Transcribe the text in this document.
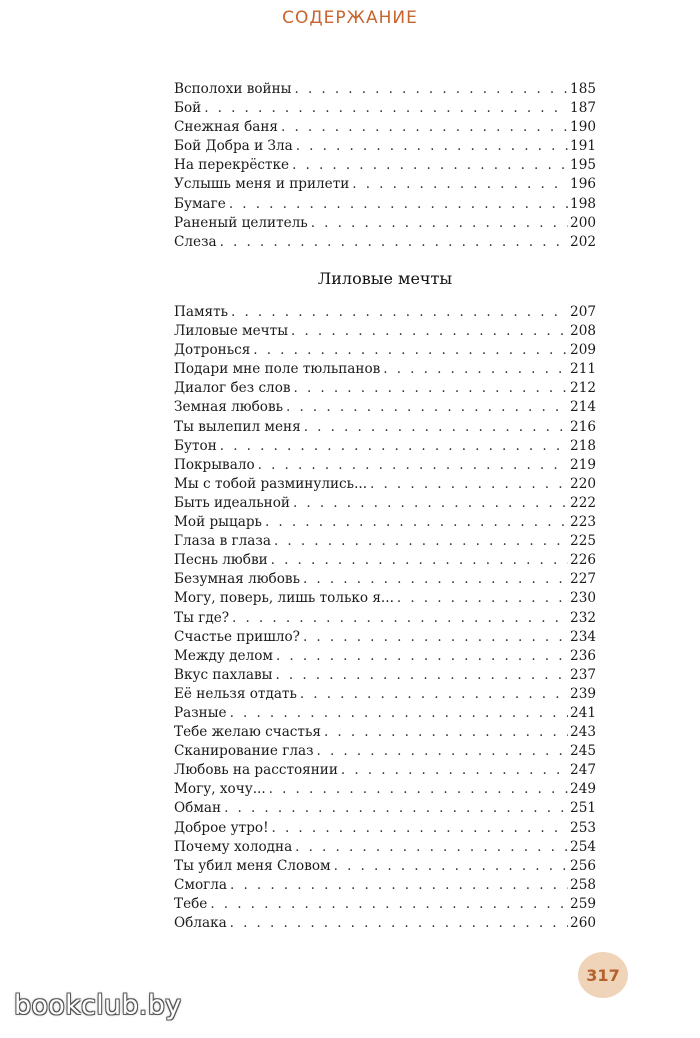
СОДЕРЖАНИЕ
Всполохи войны . . .	185
Бой . . .	187
Снежная баня . . .	190
Бой Добра и Зла . . .	191
На перекрёстке . . .	195
Услышь меня и прилети . . .	196
Бумаге . . .	198
Раненый целитель . . .	200
Слеза . . .	202
Лиловые мечты
Память . . .	207
Лиловые мечты . . .	208
Дотронься . . .	209
Подари мне поле тюльпанов . . .	211
Диалог без слов . . .	212
Земная любовь . . .	214
Ты вылепил меня . . .	216
Бутон . . .	218
Покрывало . . .	219
Мы с тобой разминулись... . . .	220
Быть идеальной . . .	222
Мой рыцарь . . .	223
Глаза в глаза . . .	225
Песнь любви . . .	226
Безумная любовь . . .	227
Могу, поверь, лишь только я... . . .	230
Ты где? . . .	232
Счастье пришло? . . .	234
Между делом . . .	236
Вкус пахлавы . . .	237
Её нельзя отдать . . .	239
Разные . . .	241
Тебе желаю счастья . . .	243
Сканирование глаз . . .	245
Любовь на расстоянии . . .	247
Могу, хочу... . . .	249
Обман . . .	251
Доброе утро! . . .	253
Почему холодна . . .	254
Ты убил меня Словом . . .	256
Смогла . . .	258
Тебе . . .	259
Облака . . .	260
317
bookclub.by
